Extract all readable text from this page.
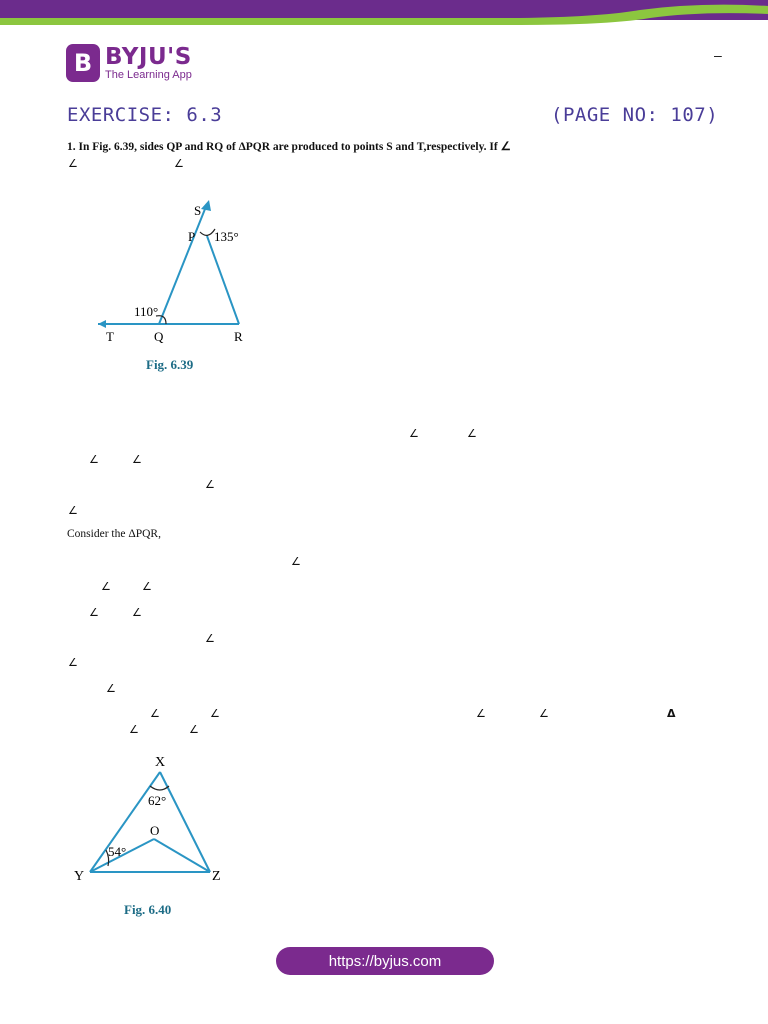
B BYJU'S
The Learning App
–
EXERCISE: 6.3	(PAGE NO: 107)
1. In Fig. 6.39, sides QP and RQ of ΔPQR are produced to points S and T,respectively. If ∠
∠	∠
S
P 135°
110°
T	Q	R
Fig. 6.39
∠	∠
∠	∠
∠
∠
Consider the ΔPQR,
∠
∠	∠
∠	∠
∠
∠
∠
∠	∠	∠	∠	Δ
∠	∠
X
62°
O
54°
Y	Z
Fig. 6.40
https://byjus.com
